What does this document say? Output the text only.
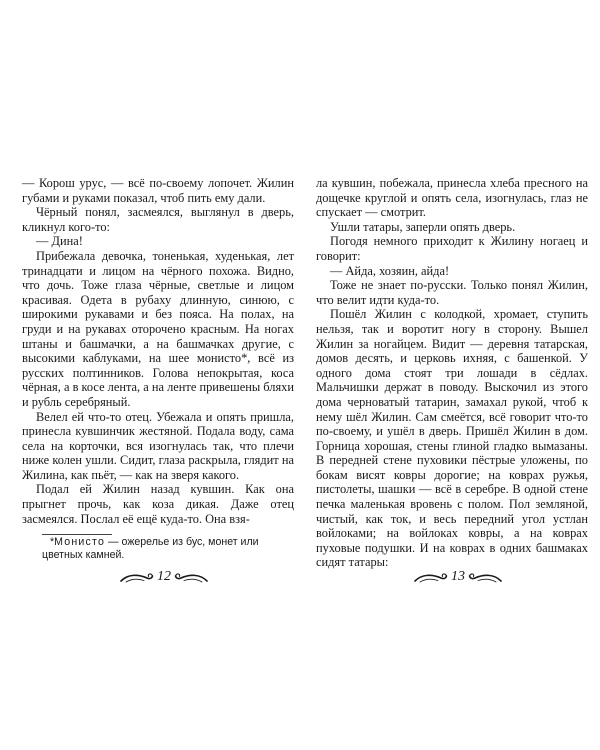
— Корош урус, — всё по-своему лопочет. Жилин губами и руками показал, чтоб пить ему дали.

Чёрный понял, засмеялся, выглянул в дверь, кликнул кого-то:

— Дина!

Прибежала девочка, тоненькая, худенькая, лет тринадцати и лицом на чёрного похожа. Видно, что дочь. Тоже глаза чёрные, светлые и лицом красивая. Одета в рубаху длинную, синюю, с широкими рукавами и без пояса. На полах, на груди и на рукавах оторочено красным. На ногах штаны и башмачки, а на башмачках другие, с высокими каблуками, на шее монисто*, всё из русских полтинников. Голова непокрытая, коса чёрная, а в косе лента, а на ленте привешены бляхи и рубль серебряный.

Велел ей что-то отец. Убежала и опять пришла, принесла кувшинчик жестяной. Подала воду, сама села на корточки, вся изогнулась так, что плечи ниже колен ушли. Сидит, глаза раскрыла, глядит на Жилина, как пьёт, — как на зверя какого.

Подал ей Жилин назад кувшин. Как она прыгнет прочь, как коза дикая. Даже отец засмеялся. Послал её ещё куда-то. Она взя-

*Монисто — ожерелье из бус, монет или цветных камней.
12

ла кувшин, побежала, принесла хлеба пресного на дощечке круглой и опять села, изогнулась, глаз не спускает — смотрит.

Ушли татары, заперли опять дверь.

Погодя немного приходит к Жилину ногаец и говорит:

— Айда, хозяин, айда!

Тоже не знает по-русски. Только понял Жилин, что велит идти куда-то.

Пошёл Жилин с колодкой, хромает, ступить нельзя, так и воротит ногу в сторону. Вышел Жилин за ногайцем. Видит — деревня татарская, домов десять, и церковь ихняя, с башенкой. У одного дома стоят три лошади в сёдлах. Мальчишки держат в поводу. Выскочил из этого дома черноватый татарин, замахал рукой, чтоб к нему шёл Жилин. Сам смеётся, всё говорит что-то по-своему, и ушёл в дверь. Пришёл Жилин в дом. Горница хорошая, стены глиной гладко вымазаны. В передней стене пуховики пёстрые уложены, по бокам висят ковры дорогие; на коврах ружья, пистолеты, шашки — всё в серебре. В одной стене печка маленькая вровень с полом. Пол земляной, чистый, как ток, и весь передний угол устлан войлоками; на войлоках ковры, а на коврах пуховые подушки. И на коврах в одних башмаках сидят татары:

13
